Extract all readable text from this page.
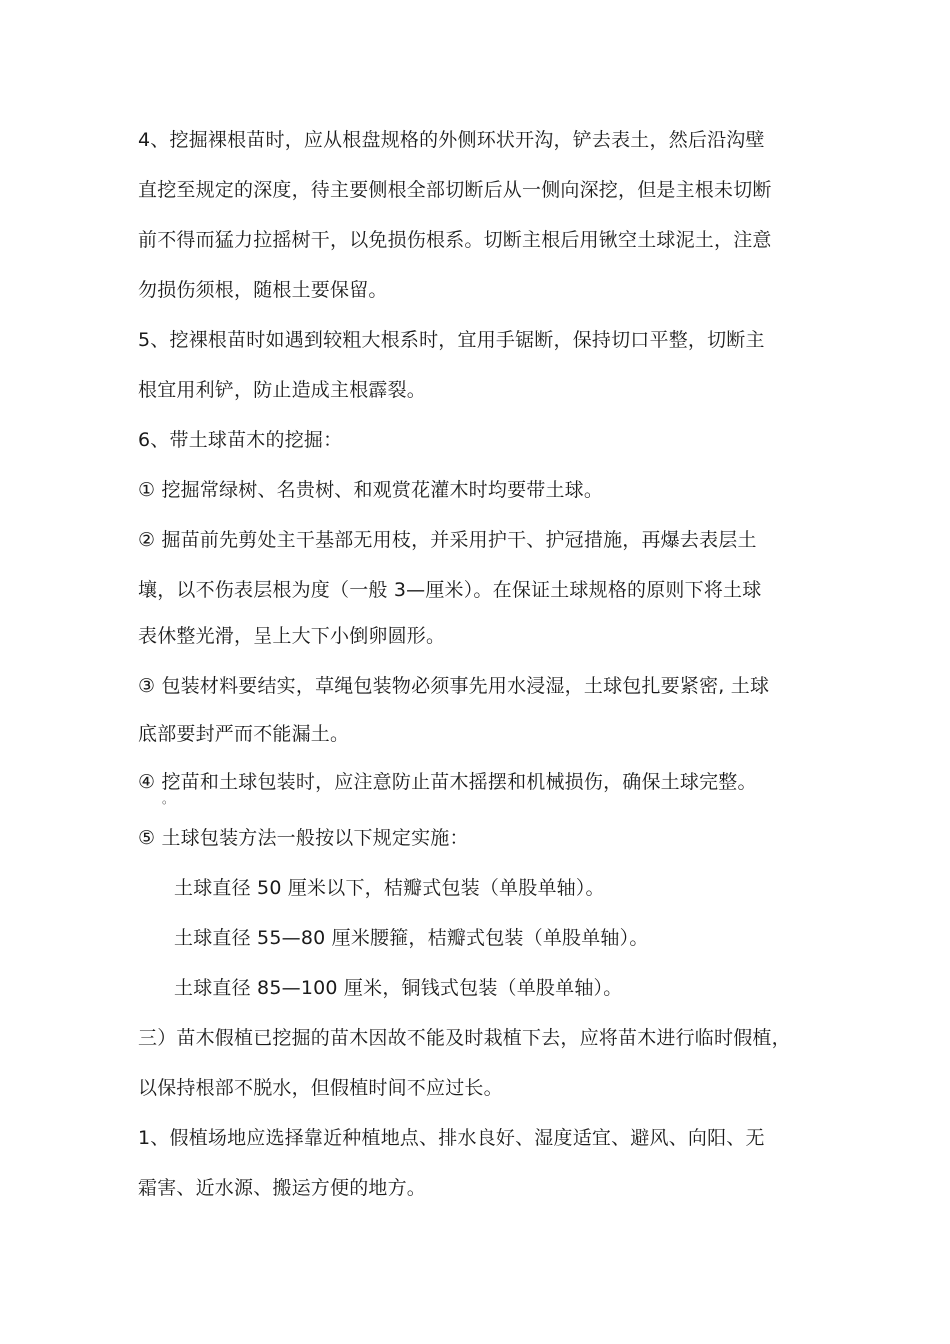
4、挖掘裸根苗时，应从根盘规格的外侧环状开沟，铲去表土，然后沿沟壁
直挖至规定的深度，待主要侧根全部切断后从一侧向深挖，但是主根未切断
前不得而猛力拉摇树干，以免损伤根系。切断主根后用锹空土球泥土，注意
勿损伤须根，随根土要保留。
5、挖裸根苗时如遇到较粗大根系时，宜用手锯断，保持切口平整，切断主
根宜用利铲，防止造成主根霹裂。
6、带土球苗木的挖掘：
① 挖掘常绿树、名贵树、和观赏花灌木时均要带土球。
② 掘苗前先剪处主干基部无用枝，并采用护干、护冠措施，再爆去表层土
壤，以不伤表层根为度（一般 3—厘米）。在保证土球规格的原则下将土球
表休整光滑，呈上大下小倒卵圆形。
③ 包装材料要结实，草绳包装物必须事先用水浸湿，土球包扎要紧密, 土球
底部要封严而不能漏土。
④ 挖苗和土球包装时，应注意防止苗木摇摆和机械损伤，确保土球完整。
。
⑤ 土球包装方法一般按以下规定实施：
土球直径 50 厘米以下，桔瓣式包装（单股单轴）。
土球直径 55—80 厘米腰箍，桔瓣式包装（单股单轴）。
土球直径 85—100 厘米，铜钱式包装（单股单轴）。
三）苗木假植已挖掘的苗木因故不能及时栽植下去，应将苗木进行临时假植，
以保持根部不脱水，但假植时间不应过长。
1、假植场地应选择靠近种植地点、排水良好、湿度适宜、避风、向阳、无
霜害、近水源、搬运方便的地方。
